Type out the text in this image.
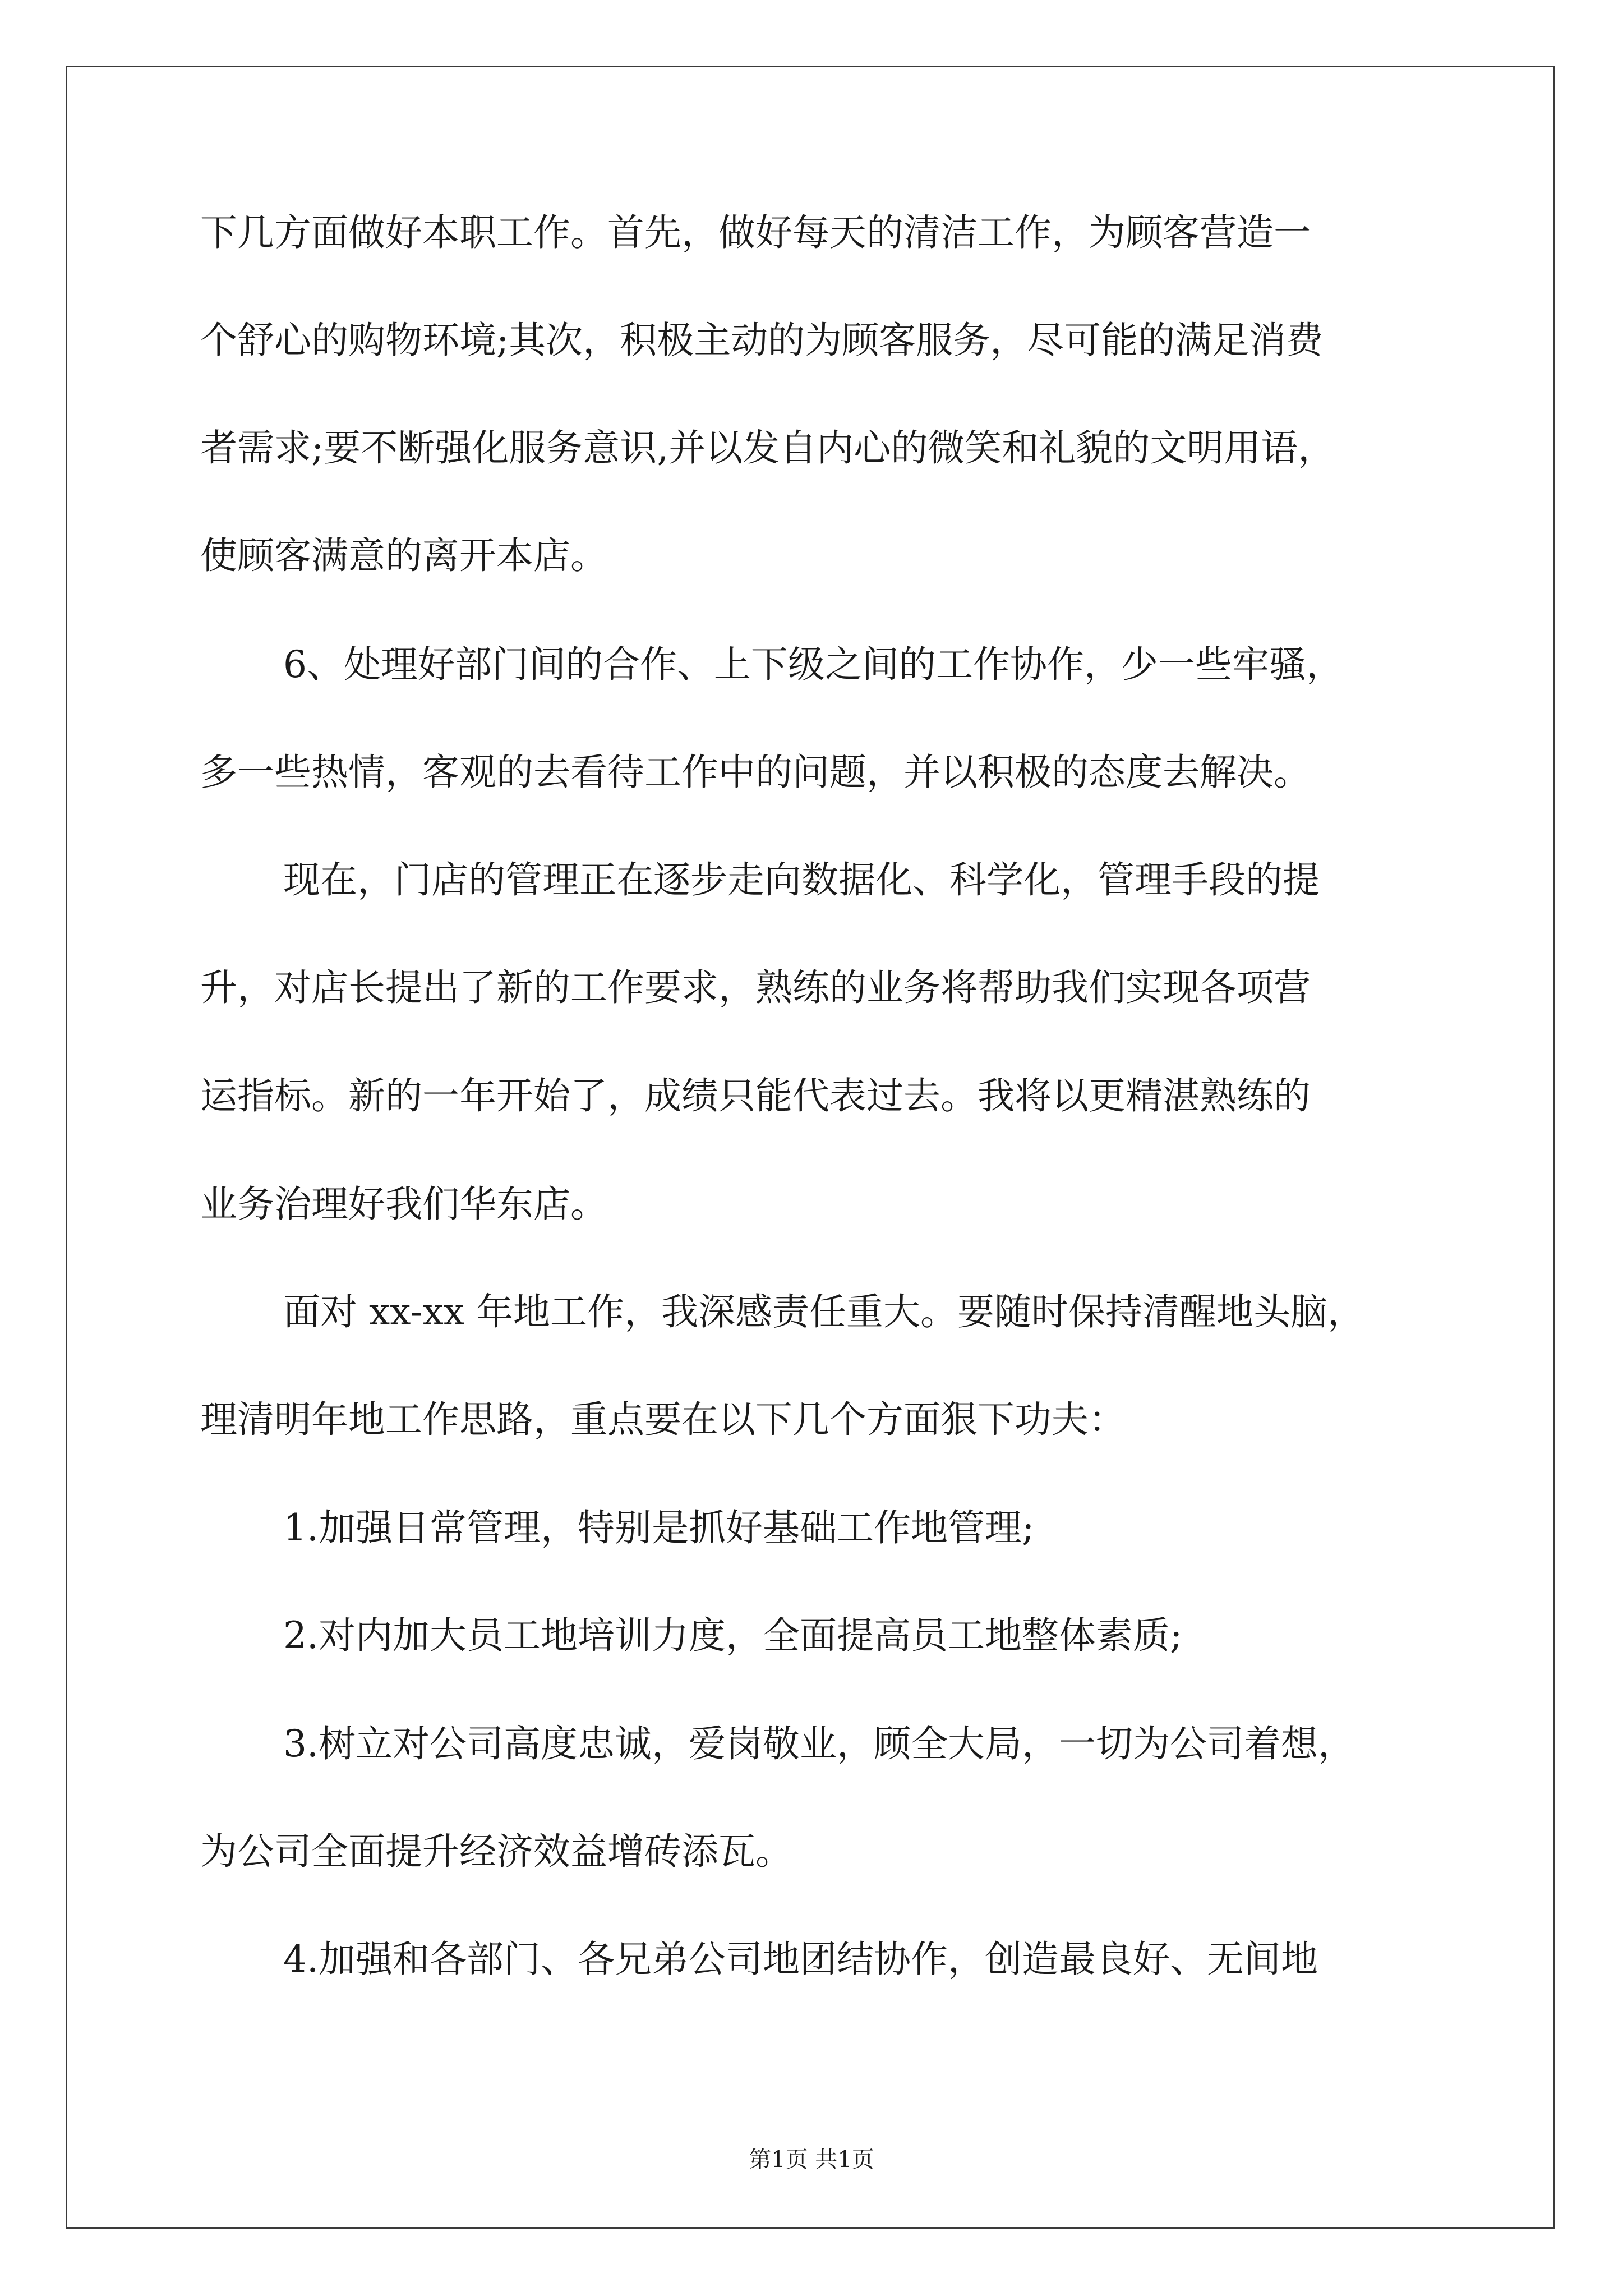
下几方面做好本职工作。首先，做好每天的清洁工作，为顾客营造一
个舒心的购物环境;其次，积极主动的为顾客服务，尽可能的满足消费
者需求;要不断强化服务意识,并以发自内心的微笑和礼貌的文明用语，
使顾客满意的离开本店。
6、处理好部门间的合作、上下级之间的工作协作，少一些牢骚，
多一些热情，客观的去看待工作中的问题，并以积极的态度去解决。
现在，门店的管理正在逐步走向数据化、科学化，管理手段的提
升，对店长提出了新的工作要求，熟练的业务将帮助我们实现各项营
运指标。新的一年开始了，成绩只能代表过去。我将以更精湛熟练的
业务治理好我们华东店。
面对 xx-xx 年地工作，我深感责任重大。要随时保持清醒地头脑，
理清明年地工作思路，重点要在以下几个方面狠下功夫：
1.加强日常管理，特别是抓好基础工作地管理;
2.对内加大员工地培训力度，全面提高员工地整体素质;
3.树立对公司高度忠诚，爱岗敬业，顾全大局，一切为公司着想，
为公司全面提升经济效益增砖添瓦。
4.加强和各部门、各兄弟公司地团结协作，创造最良好、无间地
第1页 共1页
